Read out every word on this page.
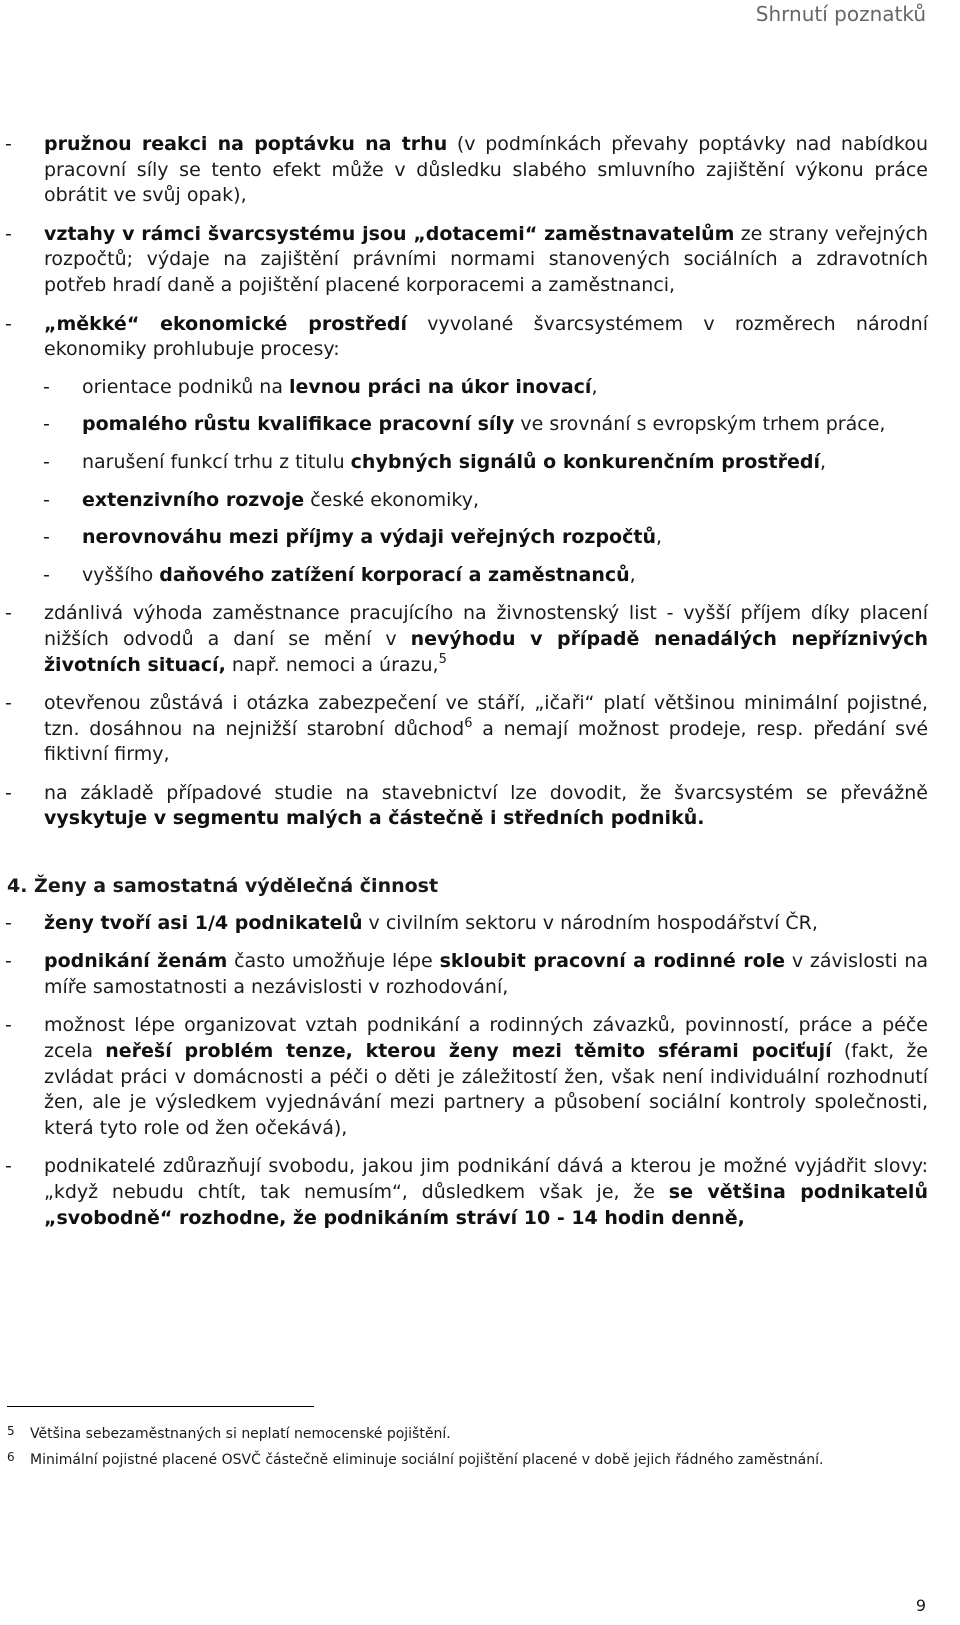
Shrnutí poznatků
- pružnou reakci na poptávku na trhu (v podmínkách převahy poptávky nad nabídkou pracovní síly se tento efekt může v důsledku slabého smluvního zajištění výkonu práce obrátit ve svůj opak),
- vztahy v rámci švarcsystému jsou „dotacemi“ zaměstnavatelům ze strany veřejných rozpočtů; výdaje na zajištění právními normami stanovených sociálních a zdravotních potřeb hradí daně a pojištění placené korporacemi a zaměstnanci,
- „měkké“ ekonomické prostředí vyvolané švarcsystémem v rozměrech národní ekonomiky prohlubuje procesy:
- orientace podniků na levnou práci na úkor inovací,
- pomalého růstu kvalifikace pracovní síly ve srovnání s evropským trhem práce,
- narušení funkcí trhu z titulu chybných signálů o konkurenčním prostředí,
- extenzivního rozvoje české ekonomiky,
- nerovnováhu mezi příjmy a výdaji veřejných rozpočtů,
- vyššího daňového zatížení korporací a zaměstnanců,
- zdánlivá výhoda zaměstnance pracujícího na živnostenský list - vyšší příjem díky placení nižších odvodů a daní se mění v nevýhodu v případě nenadálých nepříznivých životních situací, např. nemoci a úrazu,$^5$
- otevřenou zůstává i otázka zabezpečení ve stáří, „ičaři“ platí většinou minimální pojistné, tzn. dosáhnou na nejnižší starobní důchod$^6$ a nemají možnost prodeje, resp. předání své fiktivní firmy,
- na základě případové studie na stavebnictví lze dovodit, že švarcsystém se převážně vyskytuje v segmentu malých a částečně i středních podniků.
4. Ženy a samostatná výdělečná činnost
- ženy tvoří asi 1/4 podnikatelů v civilním sektoru v národním hospodářství ČR,
- podnikání ženám často umožňuje lépe skloubit pracovní a rodinné role v závislosti na míře samostatnosti a nezávislosti v rozhodování,
- možnost lépe organizovat vztah podnikání a rodinných závazků, povinností, práce a péče zcela neřeší problém tenze, kterou ženy mezi těmito sférami pociťují (fakt, že zvládat práci v domácnosti a péči o děti je záležitostí žen, však není individuální rozhodnutí žen, ale je výsledkem vyjednávání mezi partnery a působení sociální kontroly společnosti, která tyto role od žen očekává),
- podnikatelé zdůrazňují svobodu, jakou jim podnikání dává a kterou je možné vyjádřit slovy: „když nebudu chtít, tak nemusím“, důsledkem však je, že se většina podnikatelů „svobodně“ rozhodne, že podnikáním stráví 10 - 14 hodin denně,
5 Většina sebezaměstnaných si neplatí nemocenské pojištění.
6 Minimální pojistné placené OSVČ částečně eliminuje sociální pojištění placené v době jejich řádného zaměstnání.
9
